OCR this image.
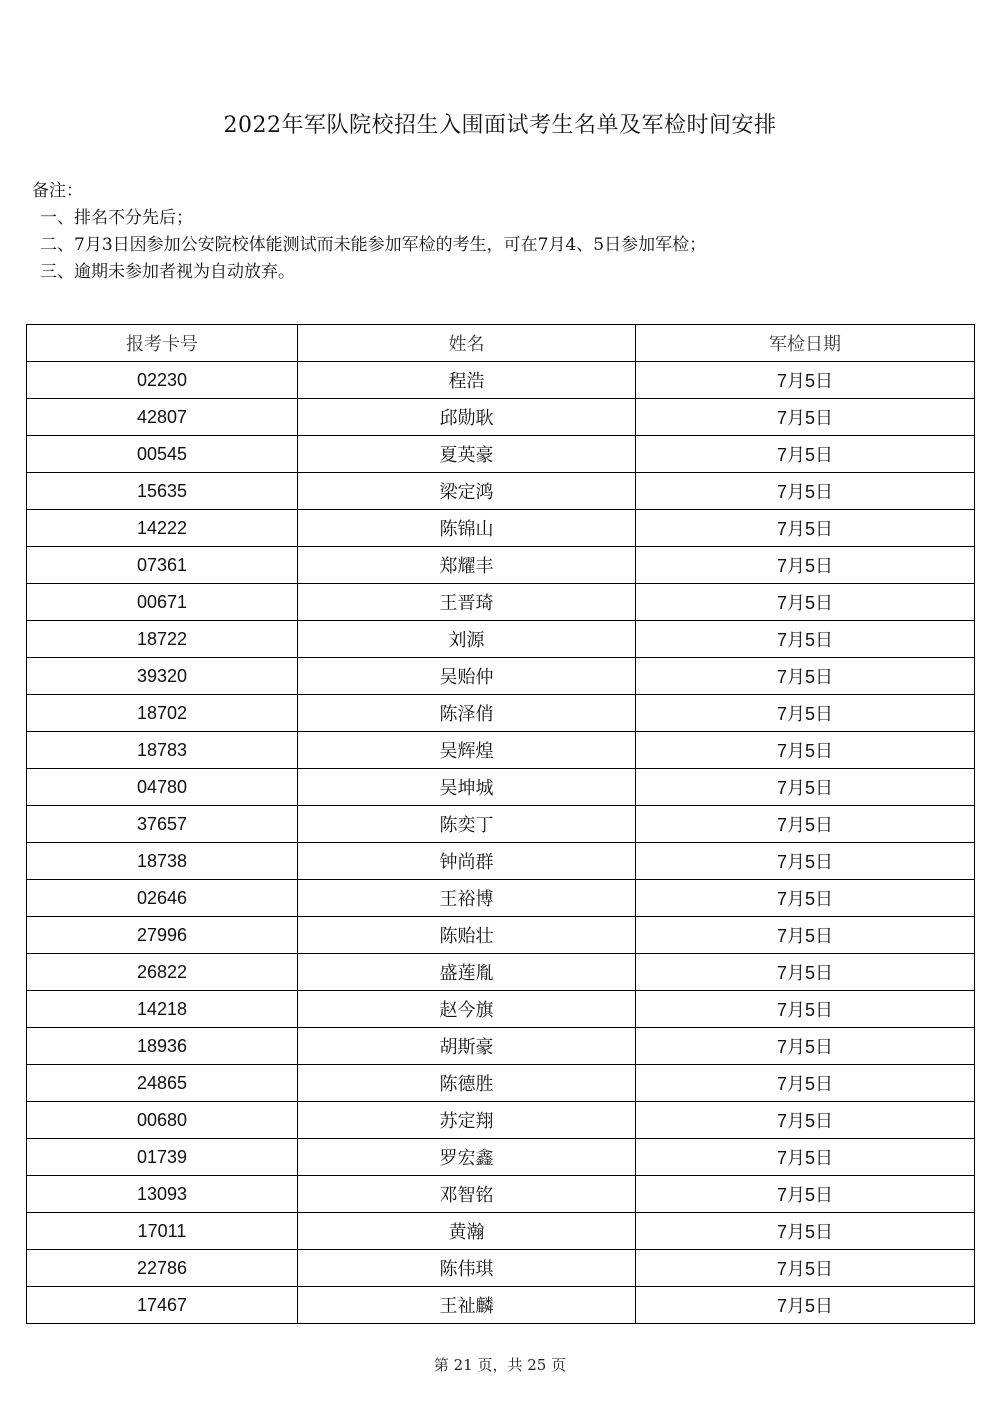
2022年军队院校招生入围面试考生名单及军检时间安排
备注：
一、排名不分先后；
二、7月3日因参加公安院校体能测试而未能参加军检的考生，可在7月4、5日参加军检；
三、逾期未参加者视为自动放弃。
报考卡号	姓名	军检日期
02230	程浩	7月5日
42807	邱勋耿	7月5日
00545	夏英豪	7月5日
15635	梁定鸿	7月5日
14222	陈锦山	7月5日
07361	郑耀丰	7月5日
00671	王晋琦	7月5日
18722	刘源	7月5日
39320	吴贻仲	7月5日
18702	陈泽俏	7月5日
18783	吴辉煌	7月5日
04780	吴坤城	7月5日
37657	陈奕丁	7月5日
18738	钟尚群	7月5日
02646	王裕博	7月5日
27996	陈贻壮	7月5日
26822	盛莲胤	7月5日
14218	赵今旗	7月5日
18936	胡斯豪	7月5日
24865	陈德胜	7月5日
00680	苏定翔	7月5日
01739	罗宏鑫	7月5日
13093	邓智铭	7月5日
17011	黄瀚	7月5日
22786	陈伟琪	7月5日
17467	王祉麟	7月5日
第 21 页，共 25 页
